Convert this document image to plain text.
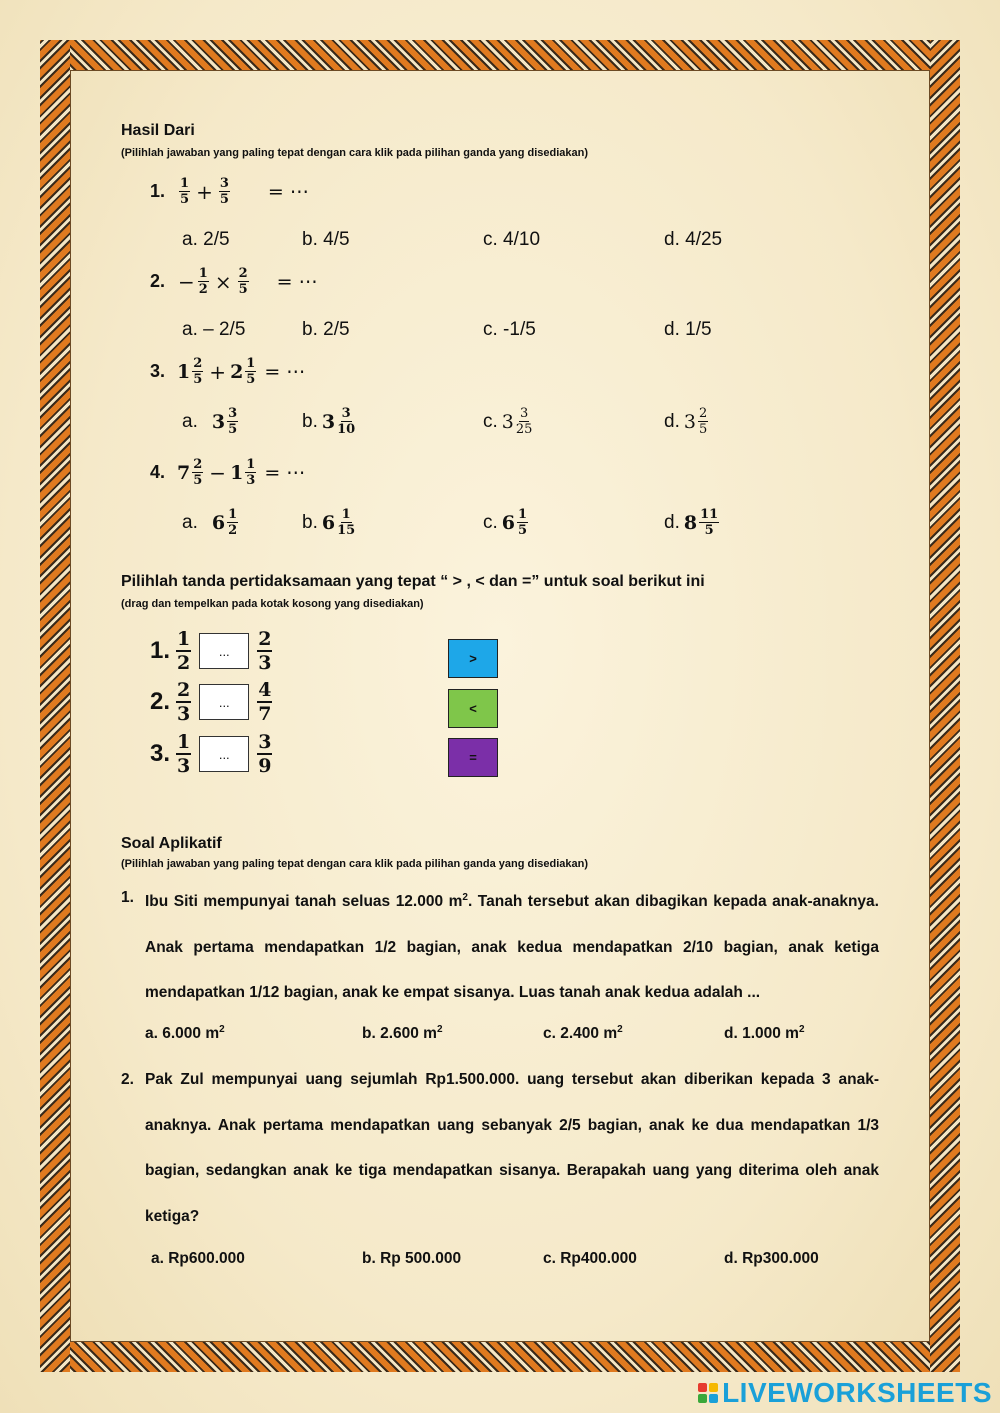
Hasil Dari
(Pilihlah jawaban yang paling tepat dengan cara klik pada pilihan ganda yang disediakan)
1. $\frac{1}{5} + \frac{3}{5}$ = ⋯
a. 2/5	b. 4/5	c. 4/10	d. 4/25
2. − $\frac{1}{2} \times \frac{2}{5}$ = ⋯
a. – 2/5	b. 2/5	c. -1/5	d. 1/5
3. $1 \frac{2}{5} + 2 \frac{1}{5}$ = ⋯
a. $3 \frac{3}{5}$	b. $3 \frac{3}{10}$	c. $3 \frac{3}{25}$	d. $3 \frac{2}{5}$
4. $7 \frac{2}{5} - 1 \frac{1}{3}$ = ⋯
a. $6 \frac{1}{2}$	b. $6 \frac{1}{15}$	c. $6 \frac{1}{5}$	d. $8 \frac{11}{5}$
Pilihlah tanda pertidaksamaan yang tepat “ > , < dan =” untuk soal berikut ini
(drag dan tempelkan pada kotak kosong yang disediakan)
1. $\frac{1}{2}$	...	$\frac{2}{3}$
2. $\frac{2}{3}$	...	$\frac{4}{7}$
3. $\frac{1}{3}$	...	$\frac{3}{9}$
>
<
=
Soal Aplikatif
(Pilihlah jawaban yang paling tepat dengan cara klik pada pilihan ganda yang disediakan)
1. Ibu Siti mempunyai tanah seluas 12.000 $m^2$. Tanah tersebut akan dibagikan kepada anak-anaknya. Anak pertama mendapatkan 1/2 bagian, anak kedua mendapatkan 2/10 bagian, anak ketiga mendapatkan 1/12 bagian, anak ke empat sisanya. Luas tanah anak kedua adalah ...
a. 6.000 $m^2$	b. 2.600 $m^2$	c. 2.400 $m^2$	d. 1.000 $m^2$
2. Pak Zul mempunyai uang sejumlah Rp1.500.000. uang tersebut akan diberikan kepada 3 anak-anaknya. Anak pertama mendapatkan uang sebanyak 2/5 bagian, anak ke dua mendapatkan 1/3 bagian, sedangkan anak ke tiga mendapatkan sisanya. Berapakah uang yang diterima oleh anak ketiga?
a. Rp600.000	b. Rp 500.000	c. Rp400.000	d. Rp300.000
LIVEWORKSHEETS
